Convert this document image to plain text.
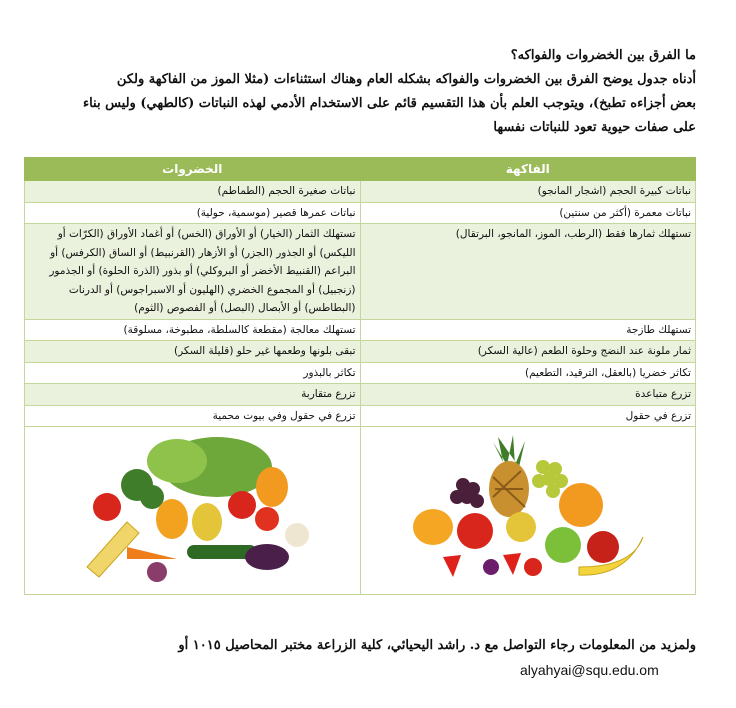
ما الفرق بين الخضروات والفواكه؟

أدناه جدول يوضح الفرق بين الخضروات والفواكه بشكله العام وهناك استثناءات (مثلا الموز من الفاكهة ولكن

بعض أجزاءه تطبخ)، ويتوجب العلم بأن هذا التقسيم قائم على الاستخدام الأدمي لهذه النباتات (كالطهي) وليس بناء

على صفات حيوية تعود للنباتات نفسها

الفاكهة	الخضروات
نباتات كبيرة الحجم (اشجار المانجو)	نباتات صغيرة الحجم (الطماطم)
نباتات معمرة (أكثر من سنتين)	نباتات عمرها قصير (موسمية، حولية)
تستهلك ثمارها فقط (الرطب، الموز، المانجو، البرتقال)	تستهلك الثمار (الخيار) أو الأوراق (الخس) أو أغماد الأوراق (الكرّات أو الليكس) أو الجذور (الجزر) أو الأزهار (القرنبيط) أو الساق (الكرفس) أو البراعم (القنبيط الأخضر أو البروكلي) أو بذور (الذرة الحلوة) أو الجذمور (زنجبيل) أو المجموع الخضري (الهليون أو الاسبراجوس) أو الدرنات (البطاطس) أو الأبصال (البصل) أو الفصوص (الثوم)
تستهلك طازجة	تستهلك معالجة (مقطعة كالسلطة، مطبوخة، مسلوقة)
ثمار ملونة عند النضج وحلوة الطعم (عالية السكر)	تبقى بلونها وطعمها غير حلو (قليلة السكر)
تكاثر خضريا (بالعقل، الترقيد، التطعيم)	تكاثر بالبذور
تزرع متباعدة	تزرع متقاربة
تزرع في حقول	تزرع في حقول وفي بيوت محمية

ولمزيد من المعلومات رجاء التواصل مع د. راشد اليحيائي، كلية الزراعة مختبر المحاصيل ١٠١٥ أو
alyahyai@squ.edu.om
